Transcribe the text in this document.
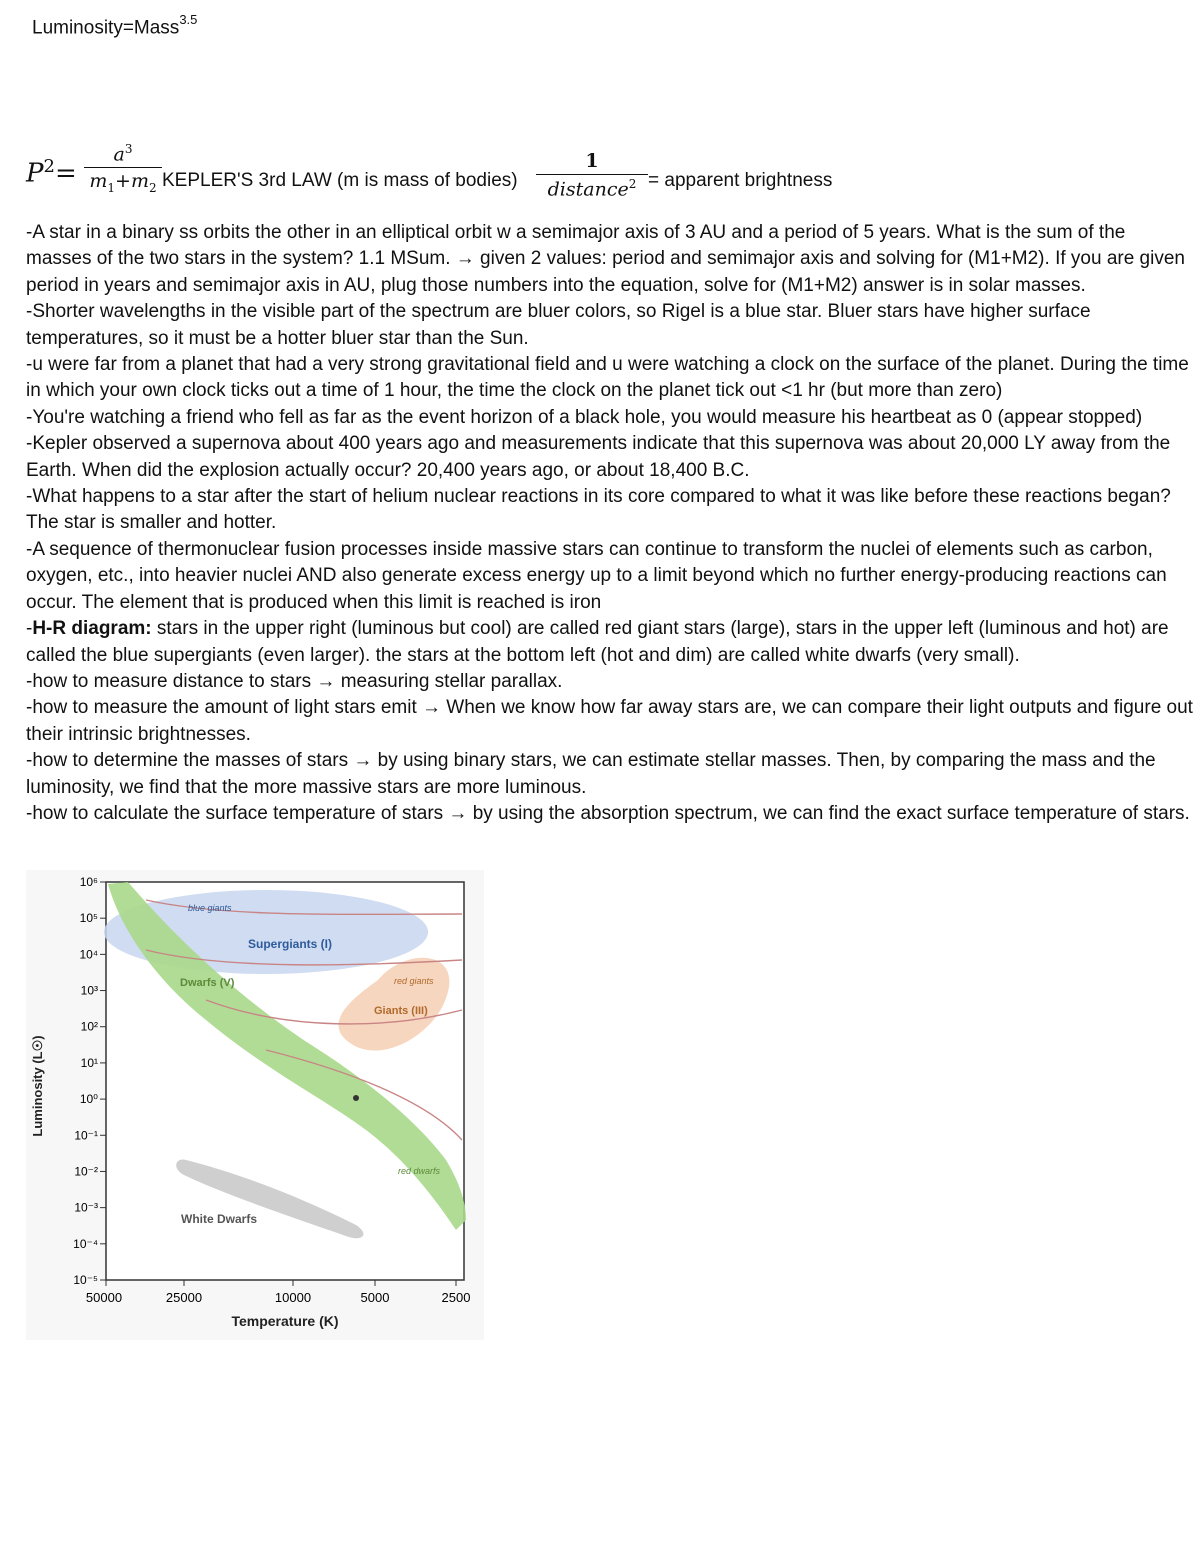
Luminosity=Mass$^{3.5}$
$P^2=$
$a^3$
$m_1+m_2$ KEPLER'S 3rd LAW (m is mass of bodies)
1
distance$^2$ = apparent brightness

-A star in a binary ss orbits the other in an elliptical orbit w a semimajor axis of 3 AU and a period of 5 years. What is the sum of the masses of the two stars in the system? 1.1 MSum. → given 2 values: period and semimajor axis and solving for (M1+M2). If you are given period in years and semimajor axis in AU, plug those numbers into the equation, solve for (M1+M2) answer is in solar masses.

-Shorter wavelengths in the visible part of the spectrum are bluer colors, so Rigel is a blue star. Bluer stars have higher surface temperatures, so it must be a hotter bluer star than the Sun.

-u were far from a planet that had a very strong gravitational field and u were watching a clock on the surface of the planet. During the time in which your own clock ticks out a time of 1 hour, the time the clock on the planet tick out <1 hr (but more than zero)

-You're watching a friend who fell as far as the event horizon of a black hole, you would measure his heartbeat as 0 (appear stopped)

-Kepler observed a supernova about 400 years ago and measurements indicate that this supernova was about 20,000 LY away from the Earth. When did the explosion actually occur? 20,400 years ago, or about 18,400 B.C.

-What happens to a star after the start of helium nuclear reactions in its core compared to what it was like before these reactions began? The star is smaller and hotter.

-A sequence of thermonuclear fusion processes inside massive stars can continue to transform the nuclei of elements such as carbon, oxygen, etc., into heavier nuclei AND also generate excess energy up to a limit beyond which no further energy-producing reactions can occur. The element that is produced when this limit is reached is iron

-H-R diagram: stars in the upper right (luminous but cool) are called red giant stars (large), stars in the upper left (luminous and hot) are called the blue supergiants (even larger). the stars at the bottom left (hot and dim) are called white dwarfs (very small).

-how to measure distance to stars → measuring stellar parallax.

-how to measure the amount of light stars emit → When we know how far away stars are, we can compare their light outputs and figure out their intrinsic brightnesses.

-how to determine the masses of stars → by using binary stars, we can estimate stellar masses. Then, by comparing the mass and the luminosity, we find that the more massive stars are more luminous.

-how to calculate the surface temperature of stars → by using the absorption spectrum, we can find the exact surface temperature of stars.

blue giants
Supergiants (I)
Dwarfs (V)	red giants
Giants (III)
red dwarfs
White Dwarfs
Luminosity (L☉)
Temperature (K)
10⁶
10⁵
10⁴
10³
10²
10¹
10⁰
10⁻¹
10⁻²
10⁻³
10⁻⁴
10⁻⁵
50000	25000	10000	5000	2500
